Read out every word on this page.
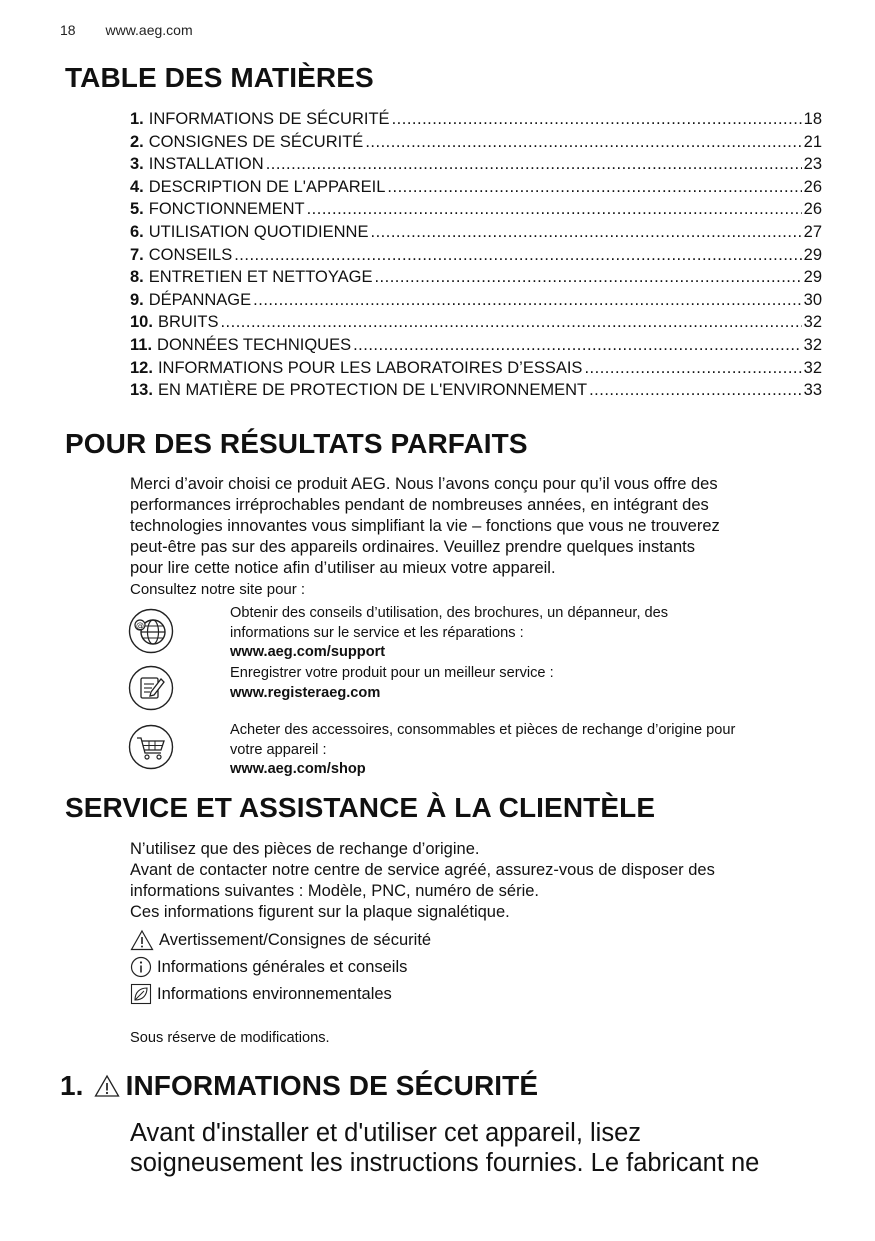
18 www.aeg.com
TABLE DES MATIÈRES
1. INFORMATIONS DE SÉCURITÉ .....	18
2. CONSIGNES DE SÉCURITÉ .....	21
3. INSTALLATION .....	23
4. DESCRIPTION DE L'APPAREIL .....	26
5. FONCTIONNEMENT .....	26
6. UTILISATION QUOTIDIENNE .....	27
7. CONSEILS .....	29
8. ENTRETIEN ET NETTOYAGE .....	29
9. DÉPANNAGE .....	30
10. BRUITS .....	32
11. DONNÉES TECHNIQUES .....	32
12. INFORMATIONS POUR LES LABORATOIRES D’ESSAIS .....	32
13. EN MATIÈRE DE PROTECTION DE L'ENVIRONNEMENT .....	33
POUR DES RÉSULTATS PARFAITS

Merci d’avoir choisi ce produit AEG. Nous l’avons conçu pour qu’il vous offre des

performances irréprochables pendant de nombreuses années, en intégrant des

technologies innovantes vous simplifiant la vie – fonctions que vous ne trouverez

peut-être pas sur des appareils ordinaires. Veuillez prendre quelques instants

pour lire cette notice afin d’utiliser au mieux votre appareil.

Consultez notre site pour :

@
Obtenir des conseils d’utilisation, des brochures, un dépanneur, des
informations sur le service et les réparations :
www.aeg.com/support
Enregistrer votre produit pour un meilleur service :
www.registeraeg.com
Acheter des accessoires, consommables et pièces de rechange d’origine pour
votre appareil :
www.aeg.com/shop
SERVICE ET ASSISTANCE À LA CLIENTÈLE

N’utilisez que des pièces de rechange d’origine.

Avant de contacter notre centre de service agréé, assurez-vous de disposer des

informations suivantes : Modèle, PNC, numéro de série.

Ces informations figurent sur la plaque signalétique.

Avertissement/Consignes de sécurité
Informations générales et conseils
Informations environnementales
Sous réserve de modifications.
1. INFORMATIONS DE SÉCURITÉ
Avant d'installer et d'utiliser cet appareil, lisez
soigneusement les instructions fournies. Le fabricant ne
